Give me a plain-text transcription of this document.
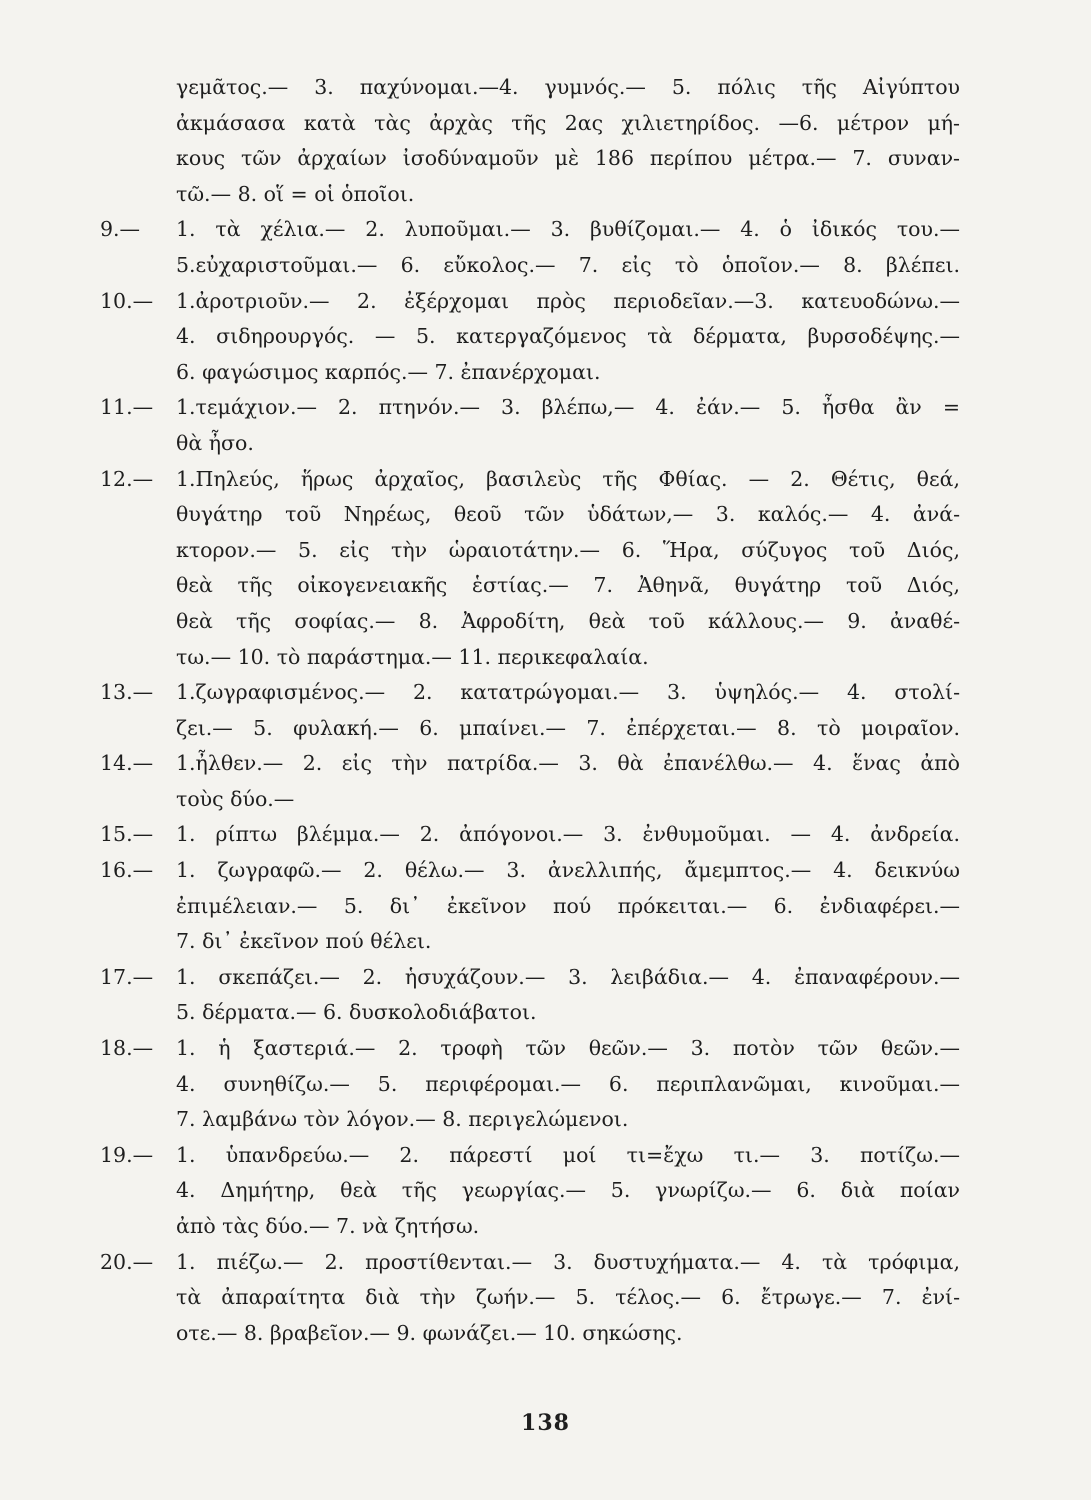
γεμᾶτος.— 3. παχύνομαι.—4. γυμνός.— 5. πόλις τῆς Αἰγύπτου
ἀκμάσασα κατὰ τὰς ἀρχὰς τῆς 2ας χιλιετηρίδος. —6. μέτρον μή-
κους τῶν ἀρχαίων ἰσοδύναμοῦν μὲ 186 περίπου μέτρα.— 7. συναν-
τῶ.— 8. οἵ = οἱ ὁποῖοι.
9.—	1. τὰ χέλια.— 2. λυποῦμαι.— 3. βυθίζομαι.— 4. ὁ ἰδικός του.—
5.εὐχαριστοῦμαι.— 6. εὔκολος.— 7. εἰς τὸ ὁποῖον.— 8. βλέπει.
10.—	1.ἀροτριοῦν.— 2. ἐξέρχομαι πρὸς περιοδεῖαν.—3. κατευοδώνω.—
4. σιδηρουργός. — 5. κατεργαζόμενος τὰ δέρματα, βυρσοδέψης.—
6. φαγώσιμος καρπός.— 7. ἐπανέρχομαι.
11.—	1.τεμάχιον.— 2. πτηνόν.— 3. βλέπω,— 4. ἐάν.— 5. ἦσθα ἂν =
θὰ ἦσο.
12.—	1.Πηλεύς, ἥρως ἀρχαῖος, βασιλεὺς τῆς Φθίας. — 2. Θέτις, θεά,
θυγάτηρ τοῦ Νηρέως, θεοῦ τῶν ὑδάτων,— 3. καλός.— 4. ἀνά-
κτορον.— 5. εἰς τὴν ὡραιοτάτην.— 6. Ἥρα, σύζυγος τοῦ Διός,
θεὰ τῆς οἰκογενειακῆς ἑστίας.— 7. Ἀθηνᾶ, θυγάτηρ τοῦ Διός,
θεὰ τῆς σοφίας.— 8. Ἀφροδίτη, θεὰ τοῦ κάλλους.— 9. ἀναθέ-
τω.— 10. τὸ παράστημα.— 11. περικεφαλαία.
13.—	1.ζωγραφισμένος.— 2. κατατρώγομαι.— 3. ὑψηλός.— 4. στολί-
ζει.— 5. φυλακή.— 6. μπαίνει.— 7. ἐπέρχεται.— 8. τὸ μοιραῖον.
14.—	1.ἦλθεν.— 2. εἰς τὴν πατρίδα.— 3. θὰ ἐπανέλθω.— 4. ἕνας ἀπὸ
τοὺς δύο.—
15.—	1. ρίπτω βλέμμα.— 2. ἀπόγονοι.— 3. ἐνθυμοῦμαι. — 4. ἀνδρεία.
16.—	1. ζωγραφῶ.— 2. θέλω.— 3. ἀνελλιπής, ἄμεμπτος.— 4. δεικνύω
ἐπιμέλειαν.— 5. δι᾽ ἐκεῖνον πού πρόκειται.— 6. ἐνδιαφέρει.—
7. δι᾽ ἐκεῖνον πού θέλει.
17.—	1. σκεπάζει.— 2. ἡσυχάζουν.— 3. λειβάδια.— 4. ἐπαναφέρουν.—
5. δέρματα.— 6. δυσκολοδιάβατοι.
18.—	1. ἡ ξαστεριά.— 2. τροφὴ τῶν θεῶν.— 3. ποτὸν τῶν θεῶν.—
4. συνηθίζω.— 5. περιφέρομαι.— 6. περιπλανῶμαι, κινοῦμαι.—
7. λαμβάνω τὸν λόγον.— 8. περιγελώμενοι.
19.—	1. ὑπανδρεύω.— 2. πάρεστί μοί τι=ἔχω τι.— 3. ποτίζω.—
4. Δημήτηρ, θεὰ τῆς γεωργίας.— 5. γνωρίζω.— 6. διὰ ποίαν
ἀπὸ τὰς δύο.— 7. νὰ ζητήσω.
20.—	1. πιέζω.— 2. προστίθενται.— 3. δυστυχήματα.— 4. τὰ τρόφιμα,
τὰ ἀπαραίτητα διὰ τὴν ζωήν.— 5. τέλος.— 6. ἔτρωγε.— 7. ἐνί-
οτε.— 8. βραβεῖον.— 9. φωνάζει.— 10. σηκώσης.
138
